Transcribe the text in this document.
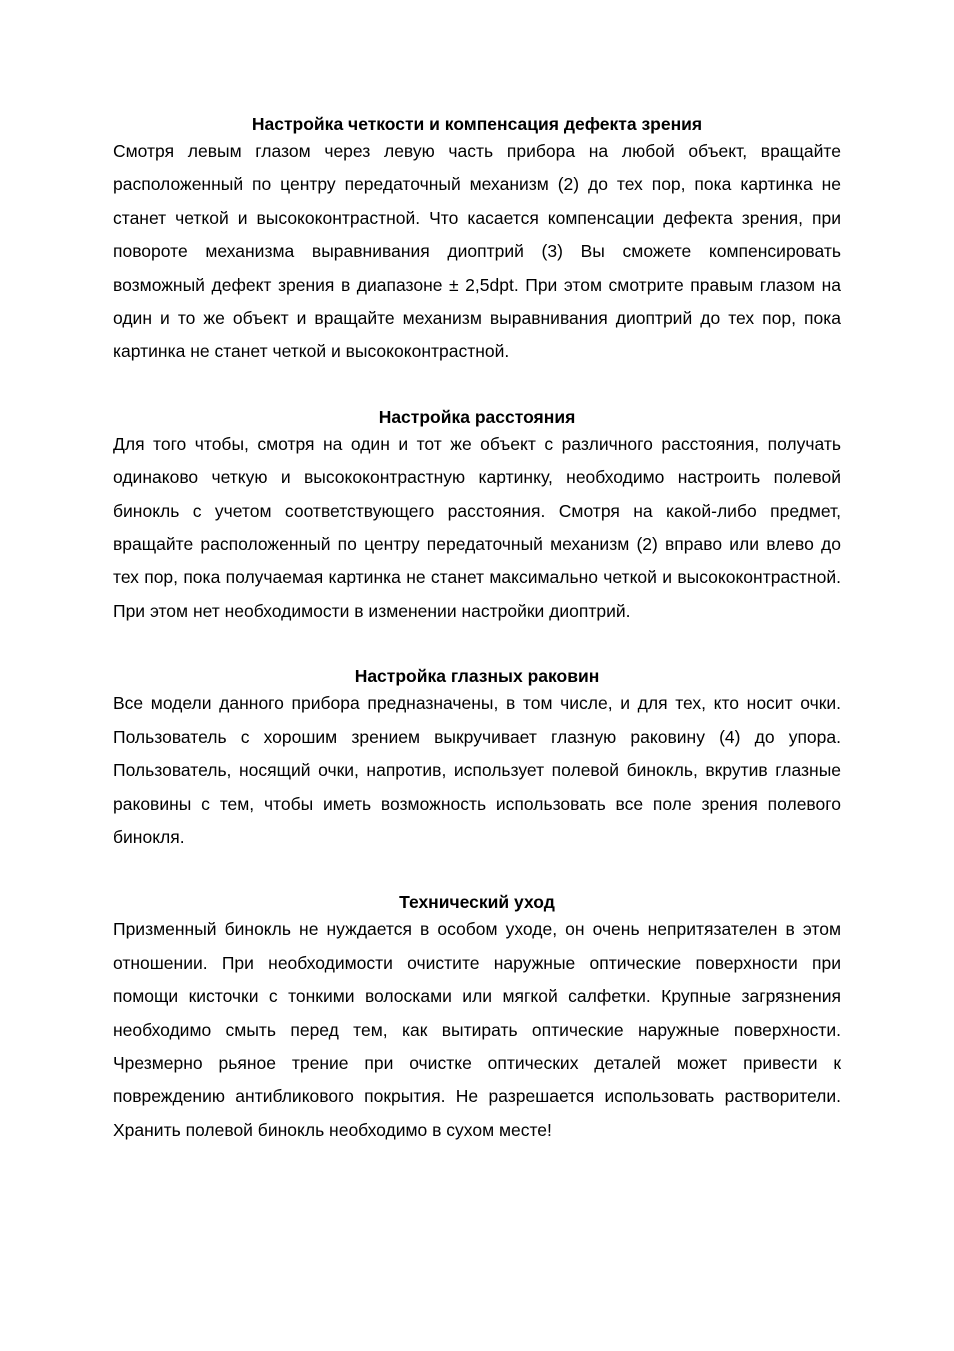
Настройка четкости и компенсация дефекта зрения

Смотря левым глазом через левую часть прибора на любой объект, вращайте расположенный по центру передаточный механизм (2) до тех пор, пока картинка не станет четкой и высококонтрастной. Что касается компенсации дефекта зрения, при повороте механизма выравнивания диоптрий (3) Вы сможете компенсировать возможный дефект зрения в диапазоне ± 2,5dpt. При этом смотрите правым глазом на один и то же объект и вращайте механизм выравнивания диоптрий до тех пор, пока картинка не станет четкой и высококонтрастной.

Настройка расстояния

Для того чтобы, смотря на один и тот же объект с различного расстояния, получать одинаково четкую и высококонтрастную картинку, необходимо настроить полевой бинокль с учетом соответствующего расстояния. Смотря на какой-либо предмет, вращайте расположенный по центру передаточный механизм (2) вправо или влево до тех пор, пока получаемая картинка не станет максимально четкой и высококонтрастной. При этом нет необходимости в изменении настройки диоптрий.

Настройка глазных раковин

Все модели данного прибора предназначены, в том числе, и для тех, кто носит очки. Пользователь с хорошим зрением выкручивает глазную раковину (4) до упора. Пользователь, носящий очки, напротив, использует полевой бинокль, вкрутив глазные раковины с тем, чтобы иметь возможность использовать все поле зрения полевого бинокля.

Технический уход

Призменный бинокль не нуждается в особом уходе, он очень непритязателен в этом отношении. При необходимости очистите наружные оптические поверхности при помощи кисточки с тонкими волосками или мягкой салфетки. Крупные загрязнения необходимо смыть перед тем, как вытирать оптические наружные поверхности. Чрезмерно рьяное трение при очистке оптических деталей может привести к повреждению антибликового покрытия. Не разрешается использовать растворители. Хранить полевой бинокль необходимо в сухом месте!
